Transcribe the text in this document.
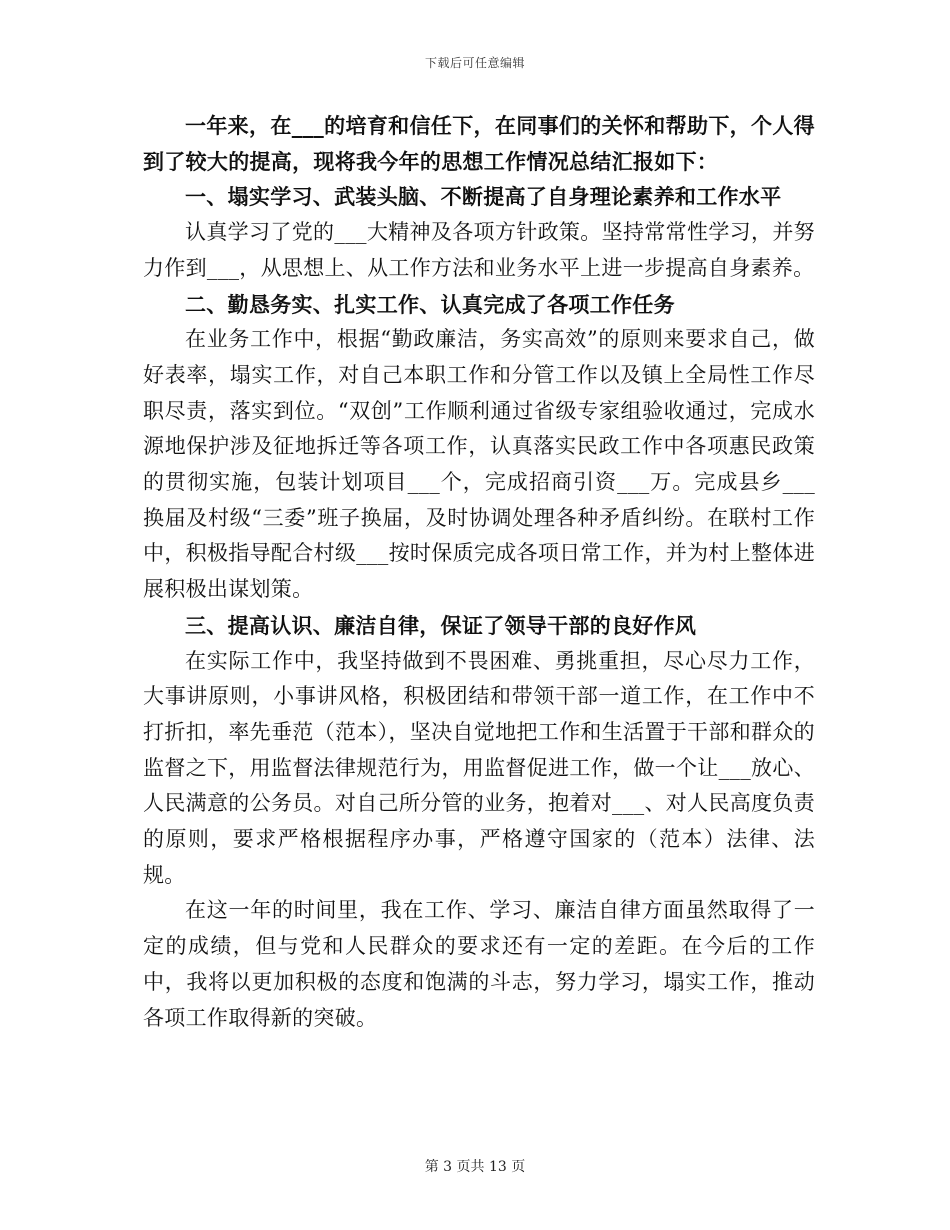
下载后可任意编辑

一年来，在___的培育和信任下，在同事们的关怀和帮助下，个人得到了较大的提高，现将我今年的思想工作情况总结汇报如下：

一、塌实学习、武装头脑、不断提高了自身理论素养和工作水平

认真学习了党的___大精神及各项方针政策。坚持常常性学习，并努力作到___，从思想上、从工作方法和业务水平上进一步提高自身素养。

二、勤恳务实、扎实工作、认真完成了各项工作任务

在业务工作中，根据“勤政廉洁，务实高效”的原则来要求自己，做好表率，塌实工作，对自己本职工作和分管工作以及镇上全局性工作尽职尽责，落实到位。“双创”工作顺利通过省级专家组验收通过，完成水源地保护涉及征地拆迁等各项工作，认真落实民政工作中各项惠民政策的贯彻实施，包装计划项目___个，完成招商引资___万。完成县乡___换届及村级“三委”班子换届，及时协调处理各种矛盾纠纷。在联村工作中，积极指导配合村级___按时保质完成各项日常工作，并为村上整体进展积极出谋划策。

三、提高认识、廉洁自律，保证了领导干部的良好作风

在实际工作中，我坚持做到不畏困难、勇挑重担，尽心尽力工作，大事讲原则，小事讲风格，积极团结和带领干部一道工作，在工作中不打折扣，率先垂范（范本），坚决自觉地把工作和生活置于干部和群众的监督之下，用监督法律规范行为，用监督促进工作，做一个让___放心、人民满意的公务员。对自己所分管的业务，抱着对___、对人民高度负责的原则，要求严格根据程序办事，严格遵守国家的（范本）法律、法规。

在这一年的时间里，我在工作、学习、廉洁自律方面虽然取得了一定的成绩，但与党和人民群众的要求还有一定的差距。在今后的工作中，我将以更加积极的态度和饱满的斗志，努力学习，塌实工作，推动各项工作取得新的突破。

第 3 页共 13 页
